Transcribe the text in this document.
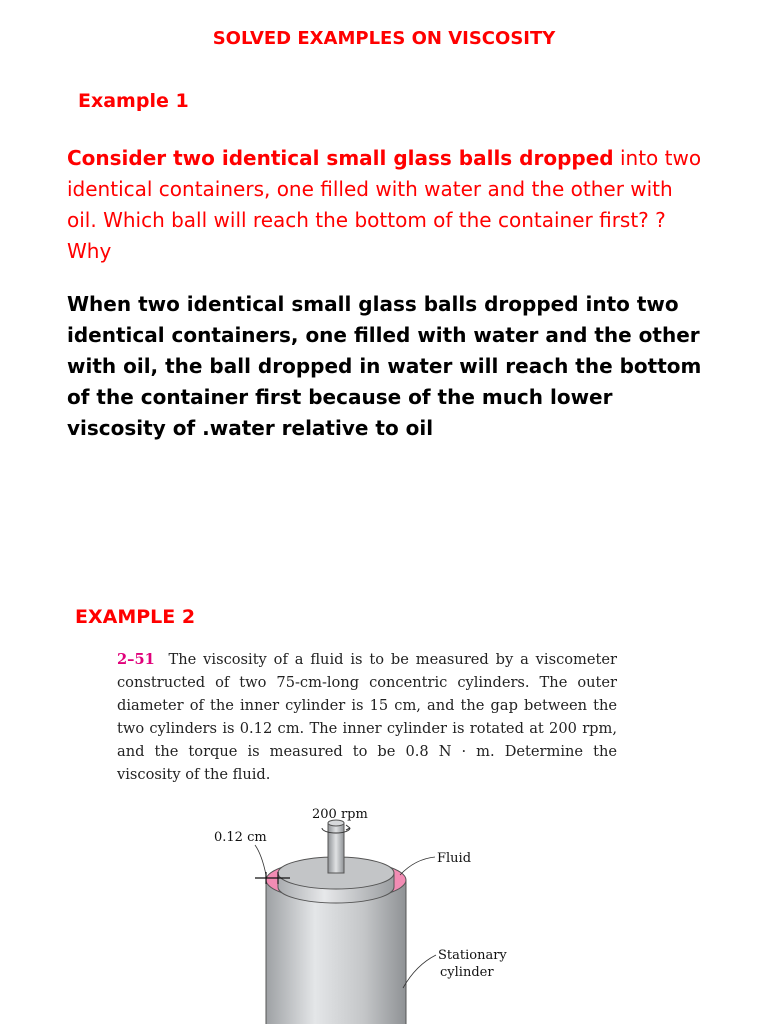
SOLVED EXAMPLES ON VISCOSITY
Example 1
Consider two identical small glass balls dropped into two identical containers, one filled with water and the other with oil. Which ball will reach the bottom of the container first? ?Why
When two identical small glass balls dropped into two identical containers, one filled with water and the other with oil, the ball dropped in water will reach the bottom of the container first because of the much lower viscosity of .water relative to oil
EXAMPLE 2
2–51 The viscosity of a fluid is to be measured by a viscometer constructed of two 75-cm-long concentric cylinders. The outer diameter of the inner cylinder is 15 cm, and the gap between the two cylinders is 0.12 cm. The inner cylinder is rotated at 200 rpm, and the torque is measured to be 0.8 N · m. Determine the viscosity of the fluid.
200 rpm
0.12 cm
Fluid
Stationary
cylinder
